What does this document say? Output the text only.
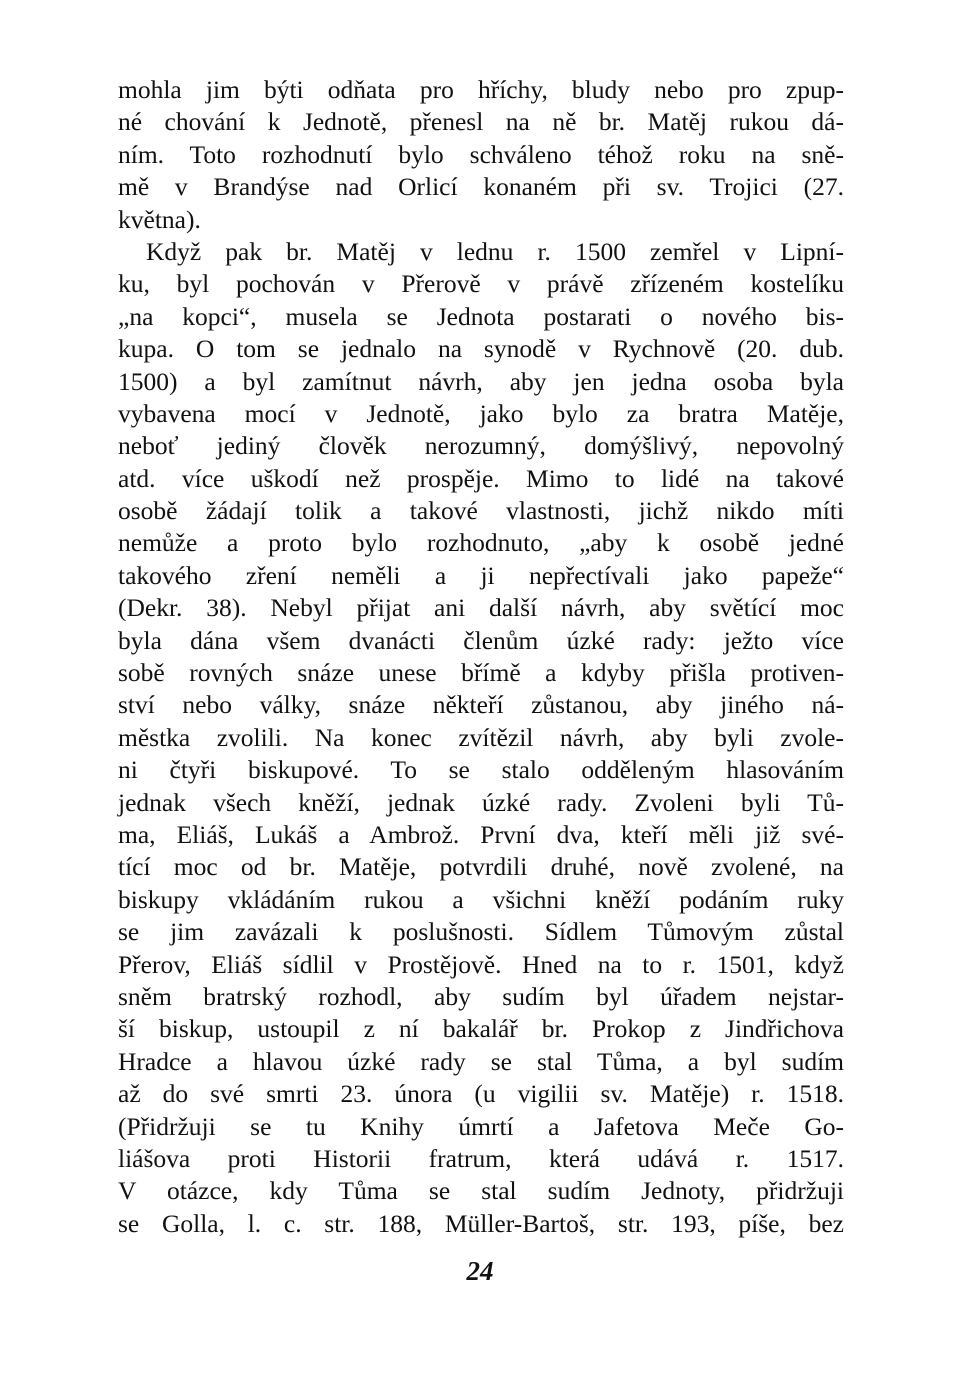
mohla jim býti odňata pro hříchy, bludy nebo pro zpup-
né chování k Jednotě, přenesl na ně br. Matěj rukou dá-
ním. Toto rozhodnutí bylo schváleno téhož roku na sně-
mě v Brandýse nad Orlicí konaném při sv. Trojici (27.
května).
Když pak br. Matěj v lednu r. 1500 zemřel v Lipní-
ku, byl pochován v Přerově v právě zřízeném kostelíku
„na kopci“, musela se Jednota postarati o nového bis-
kupa. O tom se jednalo na synodě v Rychnově (20. dub.
1500) a byl zamítnut návrh, aby jen jedna osoba byla
vybavena mocí v Jednotě, jako bylo za bratra Matěje,
neboť jediný člověk nerozumný, domýšlivý, nepovolný
atd. více uškodí než prospěje. Mimo to lidé na takové
osobě žádají tolik a takové vlastnosti, jichž nikdo míti
nemůže a proto bylo rozhodnuto, „aby k osobě jedné
takového zření neměli a ji nepřectívali jako papeže“
(Dekr. 38). Nebyl přijat ani další návrh, aby světící moc
byla dána všem dvanácti členům úzké rady: ježto více
sobě rovných snáze unese břímě a kdyby přišla protiven-
ství nebo války, snáze někteří zůstanou, aby jiného ná-
městka zvolili. Na konec zvítězil návrh, aby byli zvole-
ni čtyři biskupové. To se stalo odděleným hlasováním
jednak všech kněží, jednak úzké rady. Zvoleni byli Tů-
ma, Eliáš, Lukáš a Ambrož. První dva, kteří měli již své-
tící moc od br. Matěje, potvrdili druhé, nově zvolené, na
biskupy vkládáním rukou a všichni kněží podáním ruky
se jim zavázali k poslušnosti. Sídlem Tůmovým zůstal
Přerov, Eliáš sídlil v Prostějově. Hned na to r. 1501, když
sněm bratrský rozhodl, aby sudím byl úřadem nejstar-
ší biskup, ustoupil z ní bakalář br. Prokop z Jindřichova
Hradce a hlavou úzké rady se stal Tůma, a byl sudím
až do své smrti 23. února (u vigilii sv. Matěje) r. 1518.
(Přidržuji se tu Knihy úmrtí a Jafetova Meče Go-
liášova proti Historii fratrum, která udává r. 1517.
V otázce, kdy Tůma se stal sudím Jednoty, přidržuji
se Golla, l. c. str. 188, Müller-Bartoš, str. 193, píše, bez
24
